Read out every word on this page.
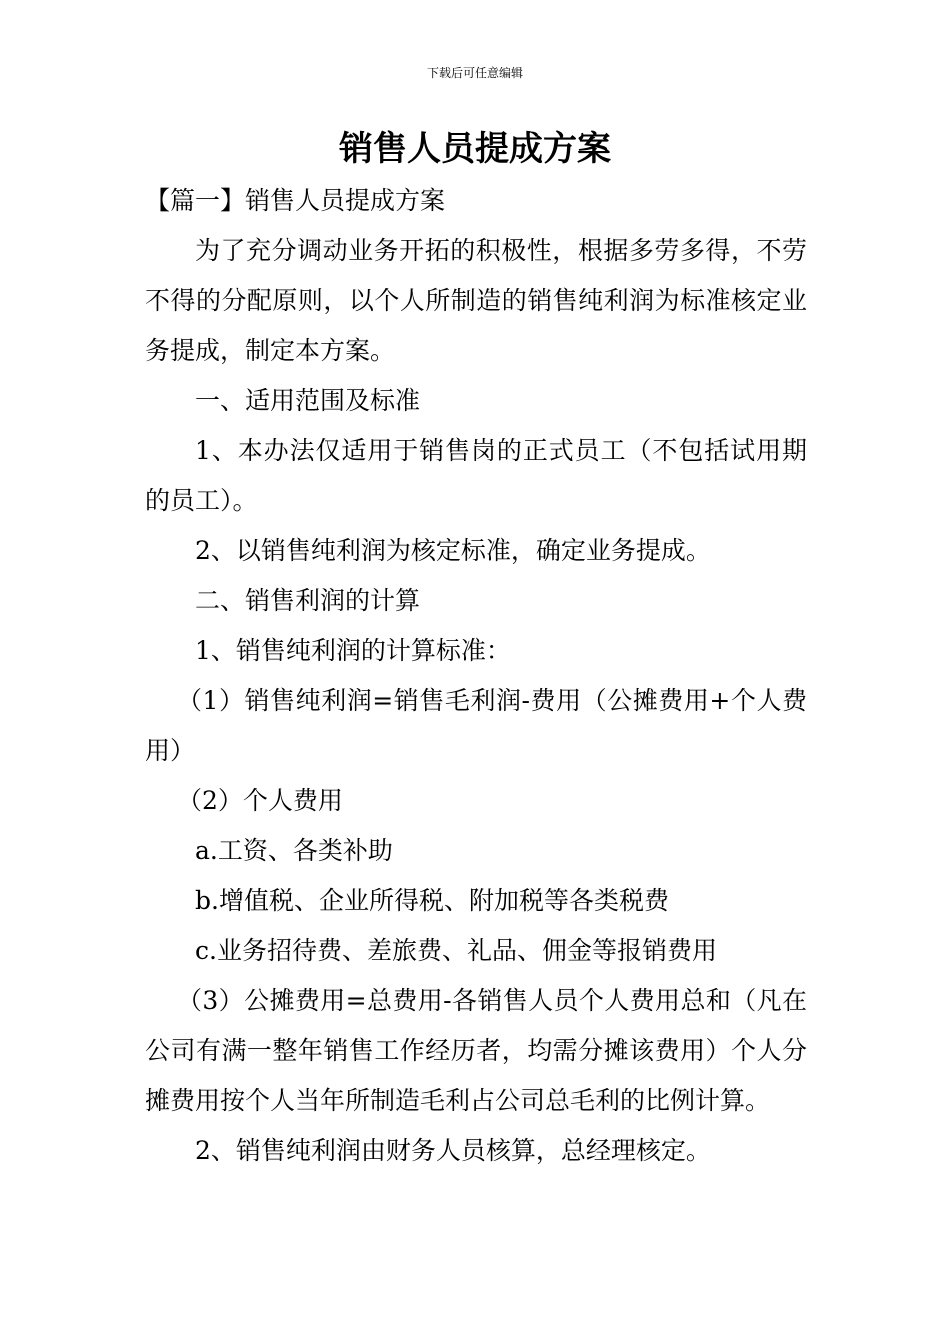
下载后可任意编辑
销售人员提成方案

【篇一】销售人员提成方案

为了充分调动业务开拓的积极性，根据多劳多得，不劳不得的分配原则，以个人所制造的销售纯利润为标准核定业务提成，制定本方案。

一、适用范围及标准

1、本办法仅适用于销售岗的正式员工（不包括试用期的员工）。

2、以销售纯利润为核定标准，确定业务提成。

二、销售利润的计算

1、销售纯利润的计算标准：

（1）销售纯利润=销售毛利润-费用（公摊费用+个人费用）

（2）个人费用

a.工资、各类补助

b.增值税、企业所得税、附加税等各类税费

c.业务招待费、差旅费、礼品、佣金等报销费用

（3）公摊费用=总费用-各销售人员个人费用总和（凡在公司有满一整年销售工作经历者，均需分摊该费用）个人分摊费用按个人当年所制造毛利占公司总毛利的比例计算。

2、销售纯利润由财务人员核算，总经理核定。
